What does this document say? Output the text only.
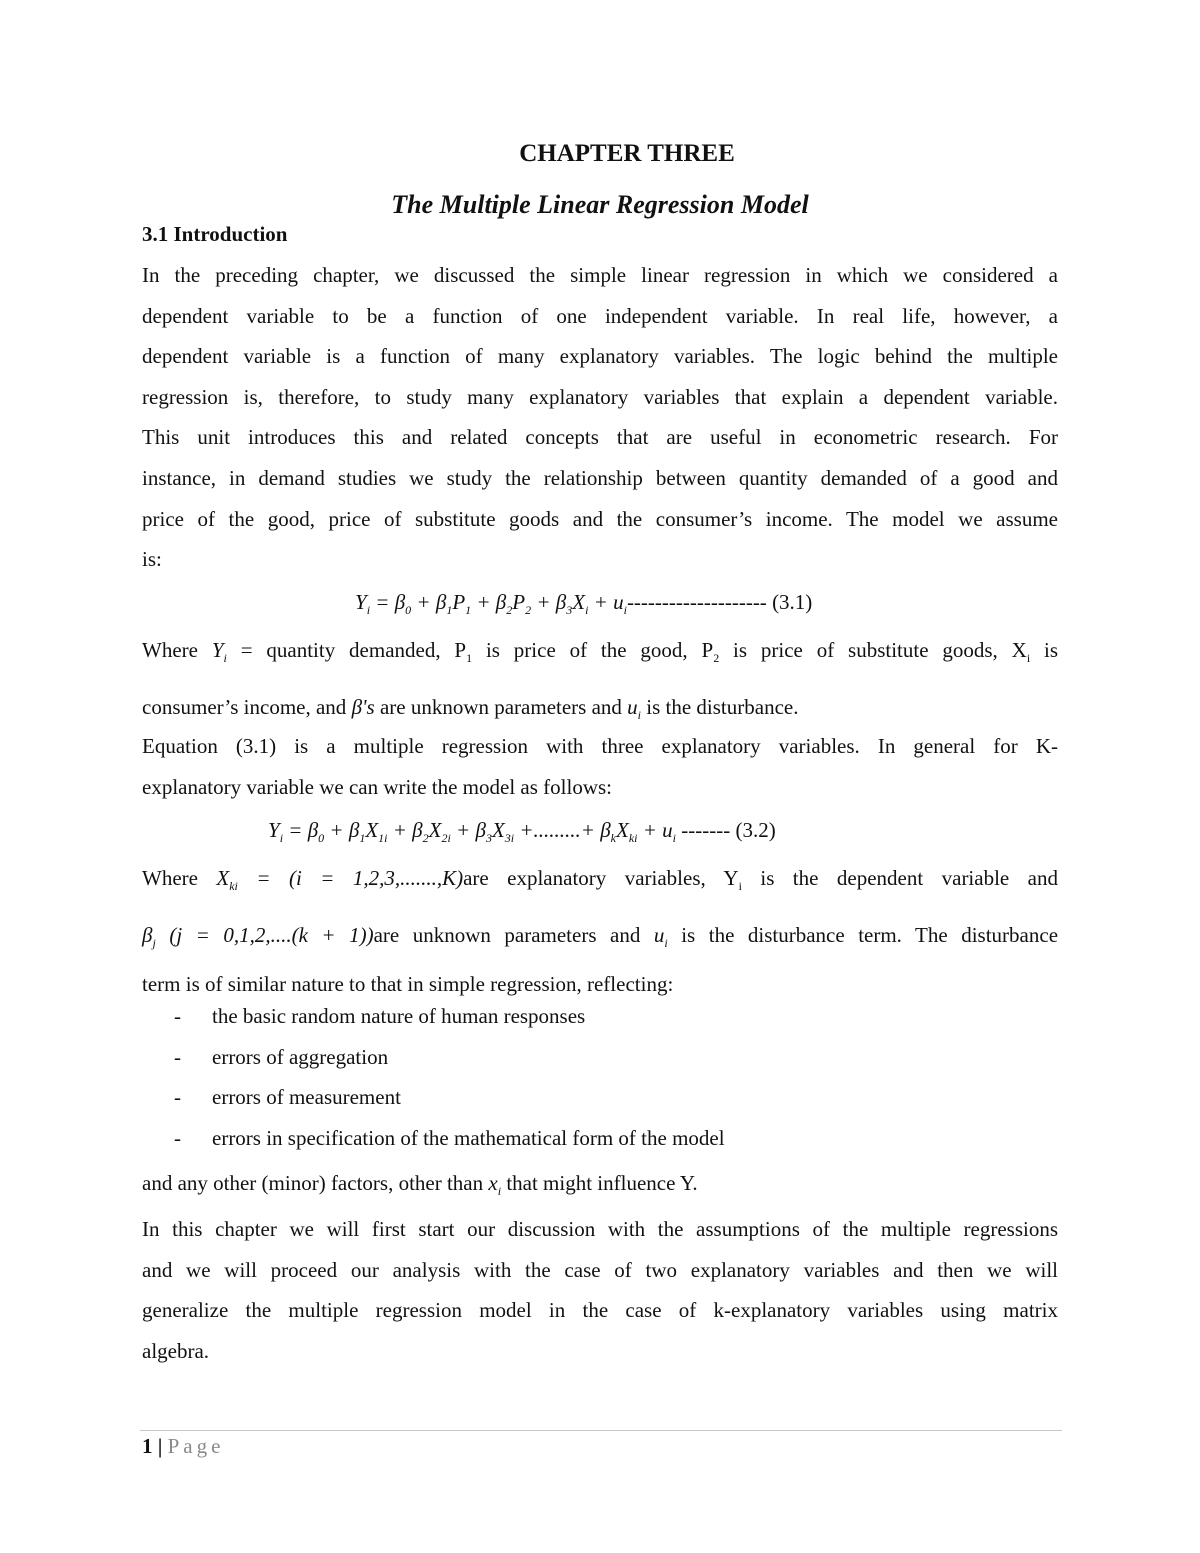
CHAPTER THREE
The Multiple Linear Regression Model
3.1 Introduction
In the preceding chapter, we discussed the simple linear regression in which we considered a
dependent variable to be a function of one independent variable. In real life, however, a
dependent variable is a function of many explanatory variables. The logic behind the multiple
regression is, therefore, to study many explanatory variables that explain a dependent variable.
This unit introduces this and related concepts that are useful in econometric research. For
instance, in demand studies we study the relationship between quantity demanded of a good and
price of the good, price of substitute goods and the consumer’s income. The model we assume
is:
$Y_i = \beta_0 + \beta_1P_1 + \beta_2P_2 + \beta_3X_i + u_i--------------------$ (3.1)
Where $Y_i$ = quantity demanded, $P_1$ is price of the good, $P_2$ is price of substitute goods, $X_i$ is
consumer’s income, and β's are unknown parameters and $u_i$ is the disturbance.
Equation (3.1) is a multiple regression with three explanatory variables. In general for K-
explanatory variable we can write the model as follows:
$Y_i = \beta_0 + \beta_1X_{1i} + \beta_2X_{2i} + \beta_3X_{3i}$ +.........+ $\beta_kX_{ki} + u_i$ ------- (3.2)
Where $X_{ki} = (i = 1,2,3,.......,K)are$ explanatory variables, $Y_i$ is the dependent variable and
$\beta_j$ (j = 0,1,2,....(k + 1))are unknown parameters and $u_i$ is the disturbance term. The disturbance
term is of similar nature to that in simple regression, reflecting:
- the basic random nature of human responses
- errors of aggregation
- errors of measurement
- errors in specification of the mathematical form of the model
and any other (minor) factors, other than $x_i$ that might influence Y.
In this chapter we will first start our discussion with the assumptions of the multiple regressions
and we will proceed our analysis with the case of two explanatory variables and then we will
generalize the multiple regression model in the case of k-explanatory variables using matrix
algebra.
1 | Page
